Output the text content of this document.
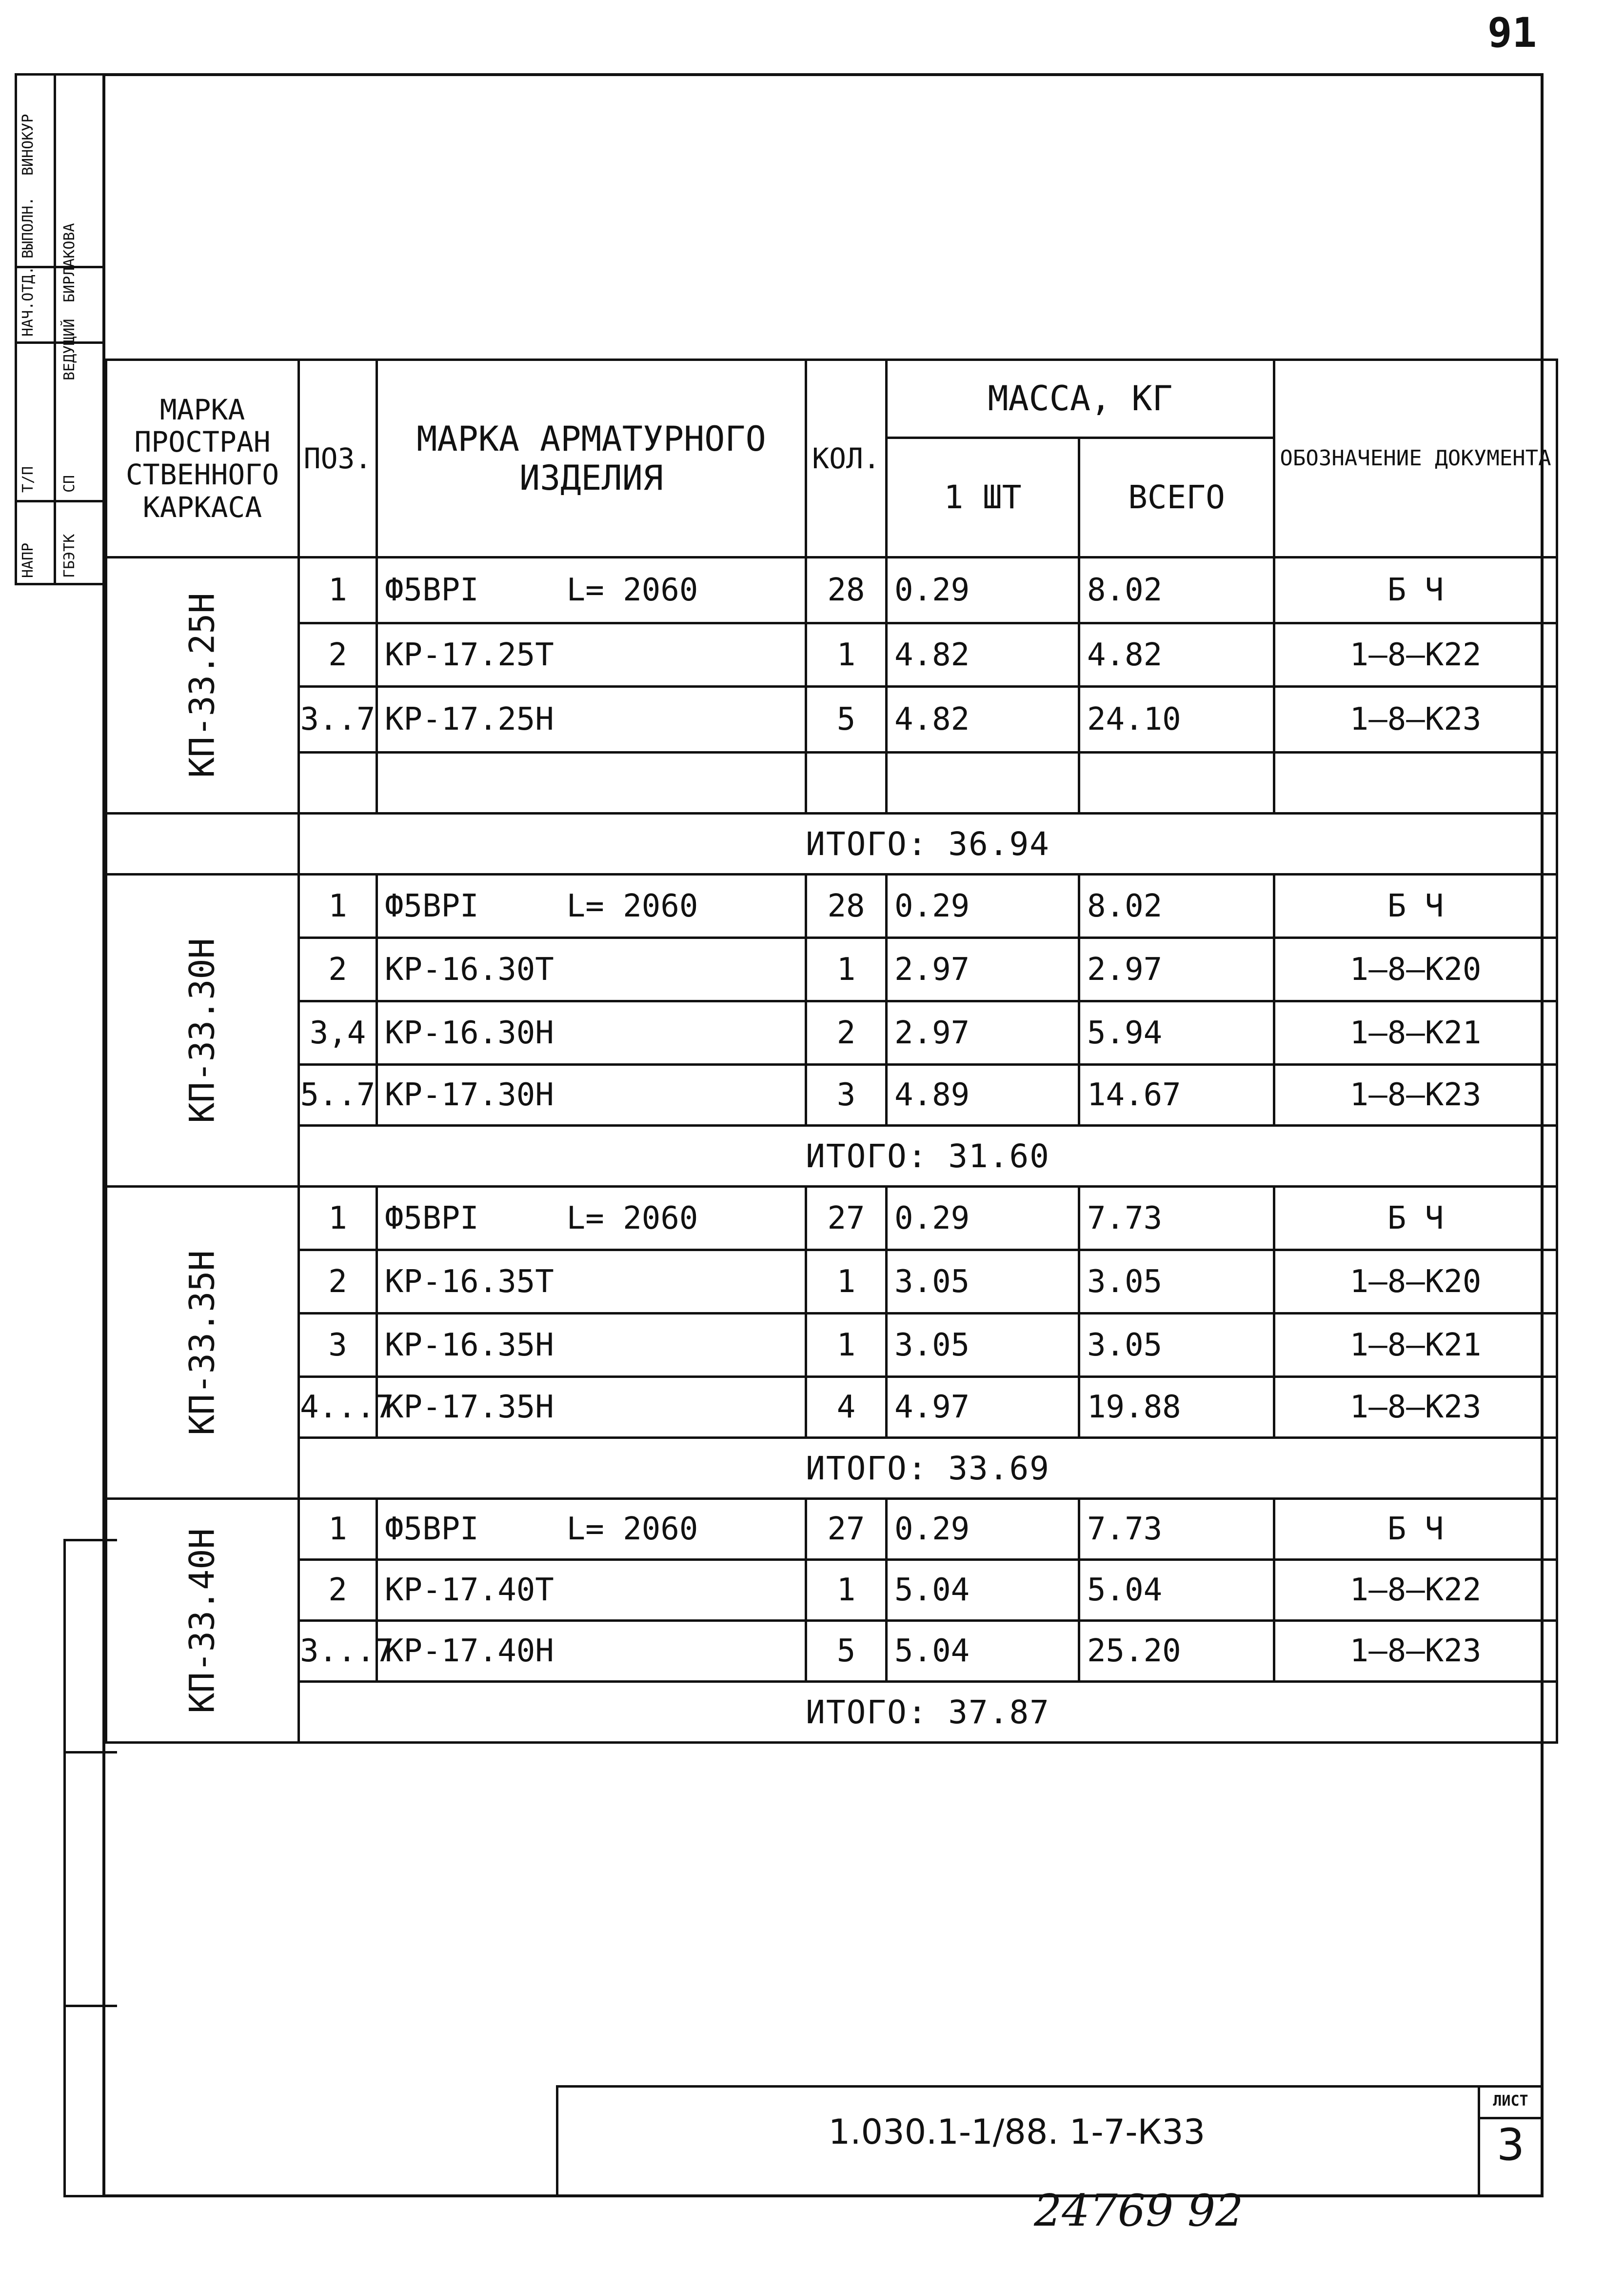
91
НАПР
Т/П
НАЧ.ОТД.
ВЫПОЛН.
ГБЭТК
СП
ВЕДУЩИЙ
БИРЛАКОВА
ВИНОКУР
МАРКА ПРОСТРАН СТВЕННОГО КАРКАСА	ПОЗ.	МАРКА АРМАТУРНОГО ИЗДЕЛИЯ	КОЛ.	МАССА, КГ		ОБОЗНАЧЕНИЕ ДОКУМЕНТА
				1 ШТ	ВСЕГО	
КП-33.25Н	1	Ф5ВРI L= 2060	28	0.29	8.02	Б Ч
	2	КР-17.25Т	1	4.82	4.82	1—8—К22
	3..7	КР-17.25Н	5	4.82	24.10	1—8—К23

	ИТОГО: 36.94					
КП-33.30Н	1	Ф5ВРI L= 2060	28	0.29	8.02	Б Ч
	2	КР-16.30Т	1	2.97	2.97	1—8—К20
	3,4	КР-16.30Н	2	2.97	5.94	1—8—К21
	5..7	КР-17.30Н	3	4.89	14.67	1—8—К23
	ИТОГО: 31.60					
КП-33.35Н	1	Ф5ВРI L= 2060	27	0.29	7.73	Б Ч
	2	КР-16.35Т	1	3.05	3.05	1—8—К20
	3	КР-16.35Н	1	3.05	3.05	1—8—К21
	4...7	КР-17.35Н	4	4.97	19.88	1—8—К23
	ИТОГО: 33.69					
КП-33.40Н	1	Ф5ВРI L= 2060	27	0.29	7.73	Б Ч
	2	КР-17.40Т	1	5.04	5.04	1—8—К22
	3...7	КР-17.40Н	5	5.04	25.20	1—8—К23
	ИТОГО: 37.87					
1.030.1-1/88. 1-7-К33
ЛИСТ
3
24769 92
